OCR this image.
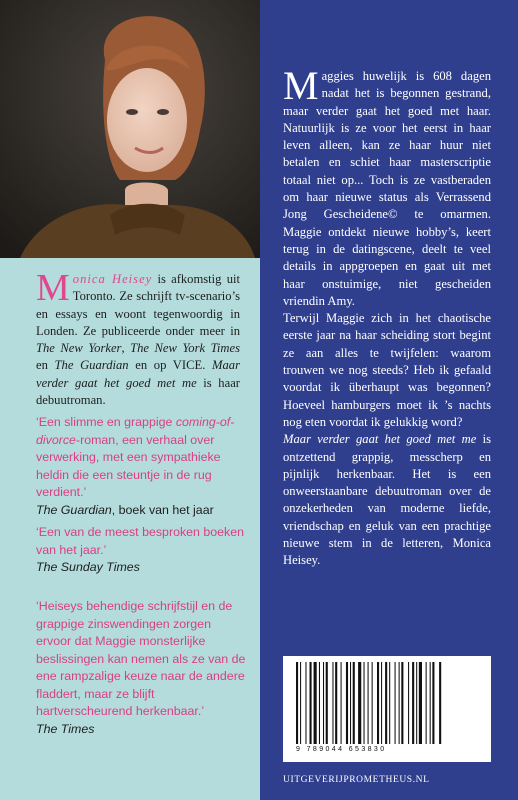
Monica Heisey is afkomstig uit Toronto. Ze schrijft tv-scenario’s en essays en woont tegenwoordig in Londen. Ze publiceerde onder meer in The New Yorker, The New York Times en The Guardian en op VICE. Maar verder gaat het goed met me is haar debuutroman.
‘Een slimme en grappige coming-of-divorce-roman, een verhaal over verwerking, met een sympathieke heldin die een steuntje in de rug verdient.’
The Guardian, boek van het jaar
‘Een van de meest besproken boeken van het jaar.’
The Sunday Times
‘Heiseys behendige schrijfstijl en de grappige zinswendingen zorgen ervoor dat Maggie monsterlijke beslissingen kan nemen als ze van de ene rampzalige keuze naar de andere fladdert, maar ze blijft hartverscheurend herkenbaar.’
The Times

Maggies huwelijk is 608 dagen nadat het is begonnen gestrand, maar verder gaat het goed met haar. Natuurlijk is ze voor het eerst in haar leven alleen, kan ze haar huur niet betalen en schiet haar masterscriptie totaal niet op... Toch is ze vastberaden om haar nieuwe status als Verrassend Jong Gescheidene© te omarmen. Maggie ontdekt nieuwe hobby’s, keert terug in de datingscene, deelt te veel details in appgroepen en gaat uit met haar onstuimige, niet gescheiden vriendin Amy.

Terwijl Maggie zich in het chaotische eerste jaar na haar scheiding stort begint ze aan alles te twijfelen: waarom trouwen we nog steeds? Heb ik gefaald voordat ik überhaupt was begonnen? Hoeveel hamburgers moet ik ’s nachts nog eten voordat ik gelukkig word?

Maar verder gaat het goed met me is ontzettend grappig, messcherp en pijnlijk herkenbaar. Het is een onweerstaanbare debuutroman over de onzekerheden van moderne liefde, vriendschap en geluk van een prachtige nieuwe stem in de letteren, Monica Heisey.

9 789044 653830
UITGEVERIJPROMETHEUS.NL
